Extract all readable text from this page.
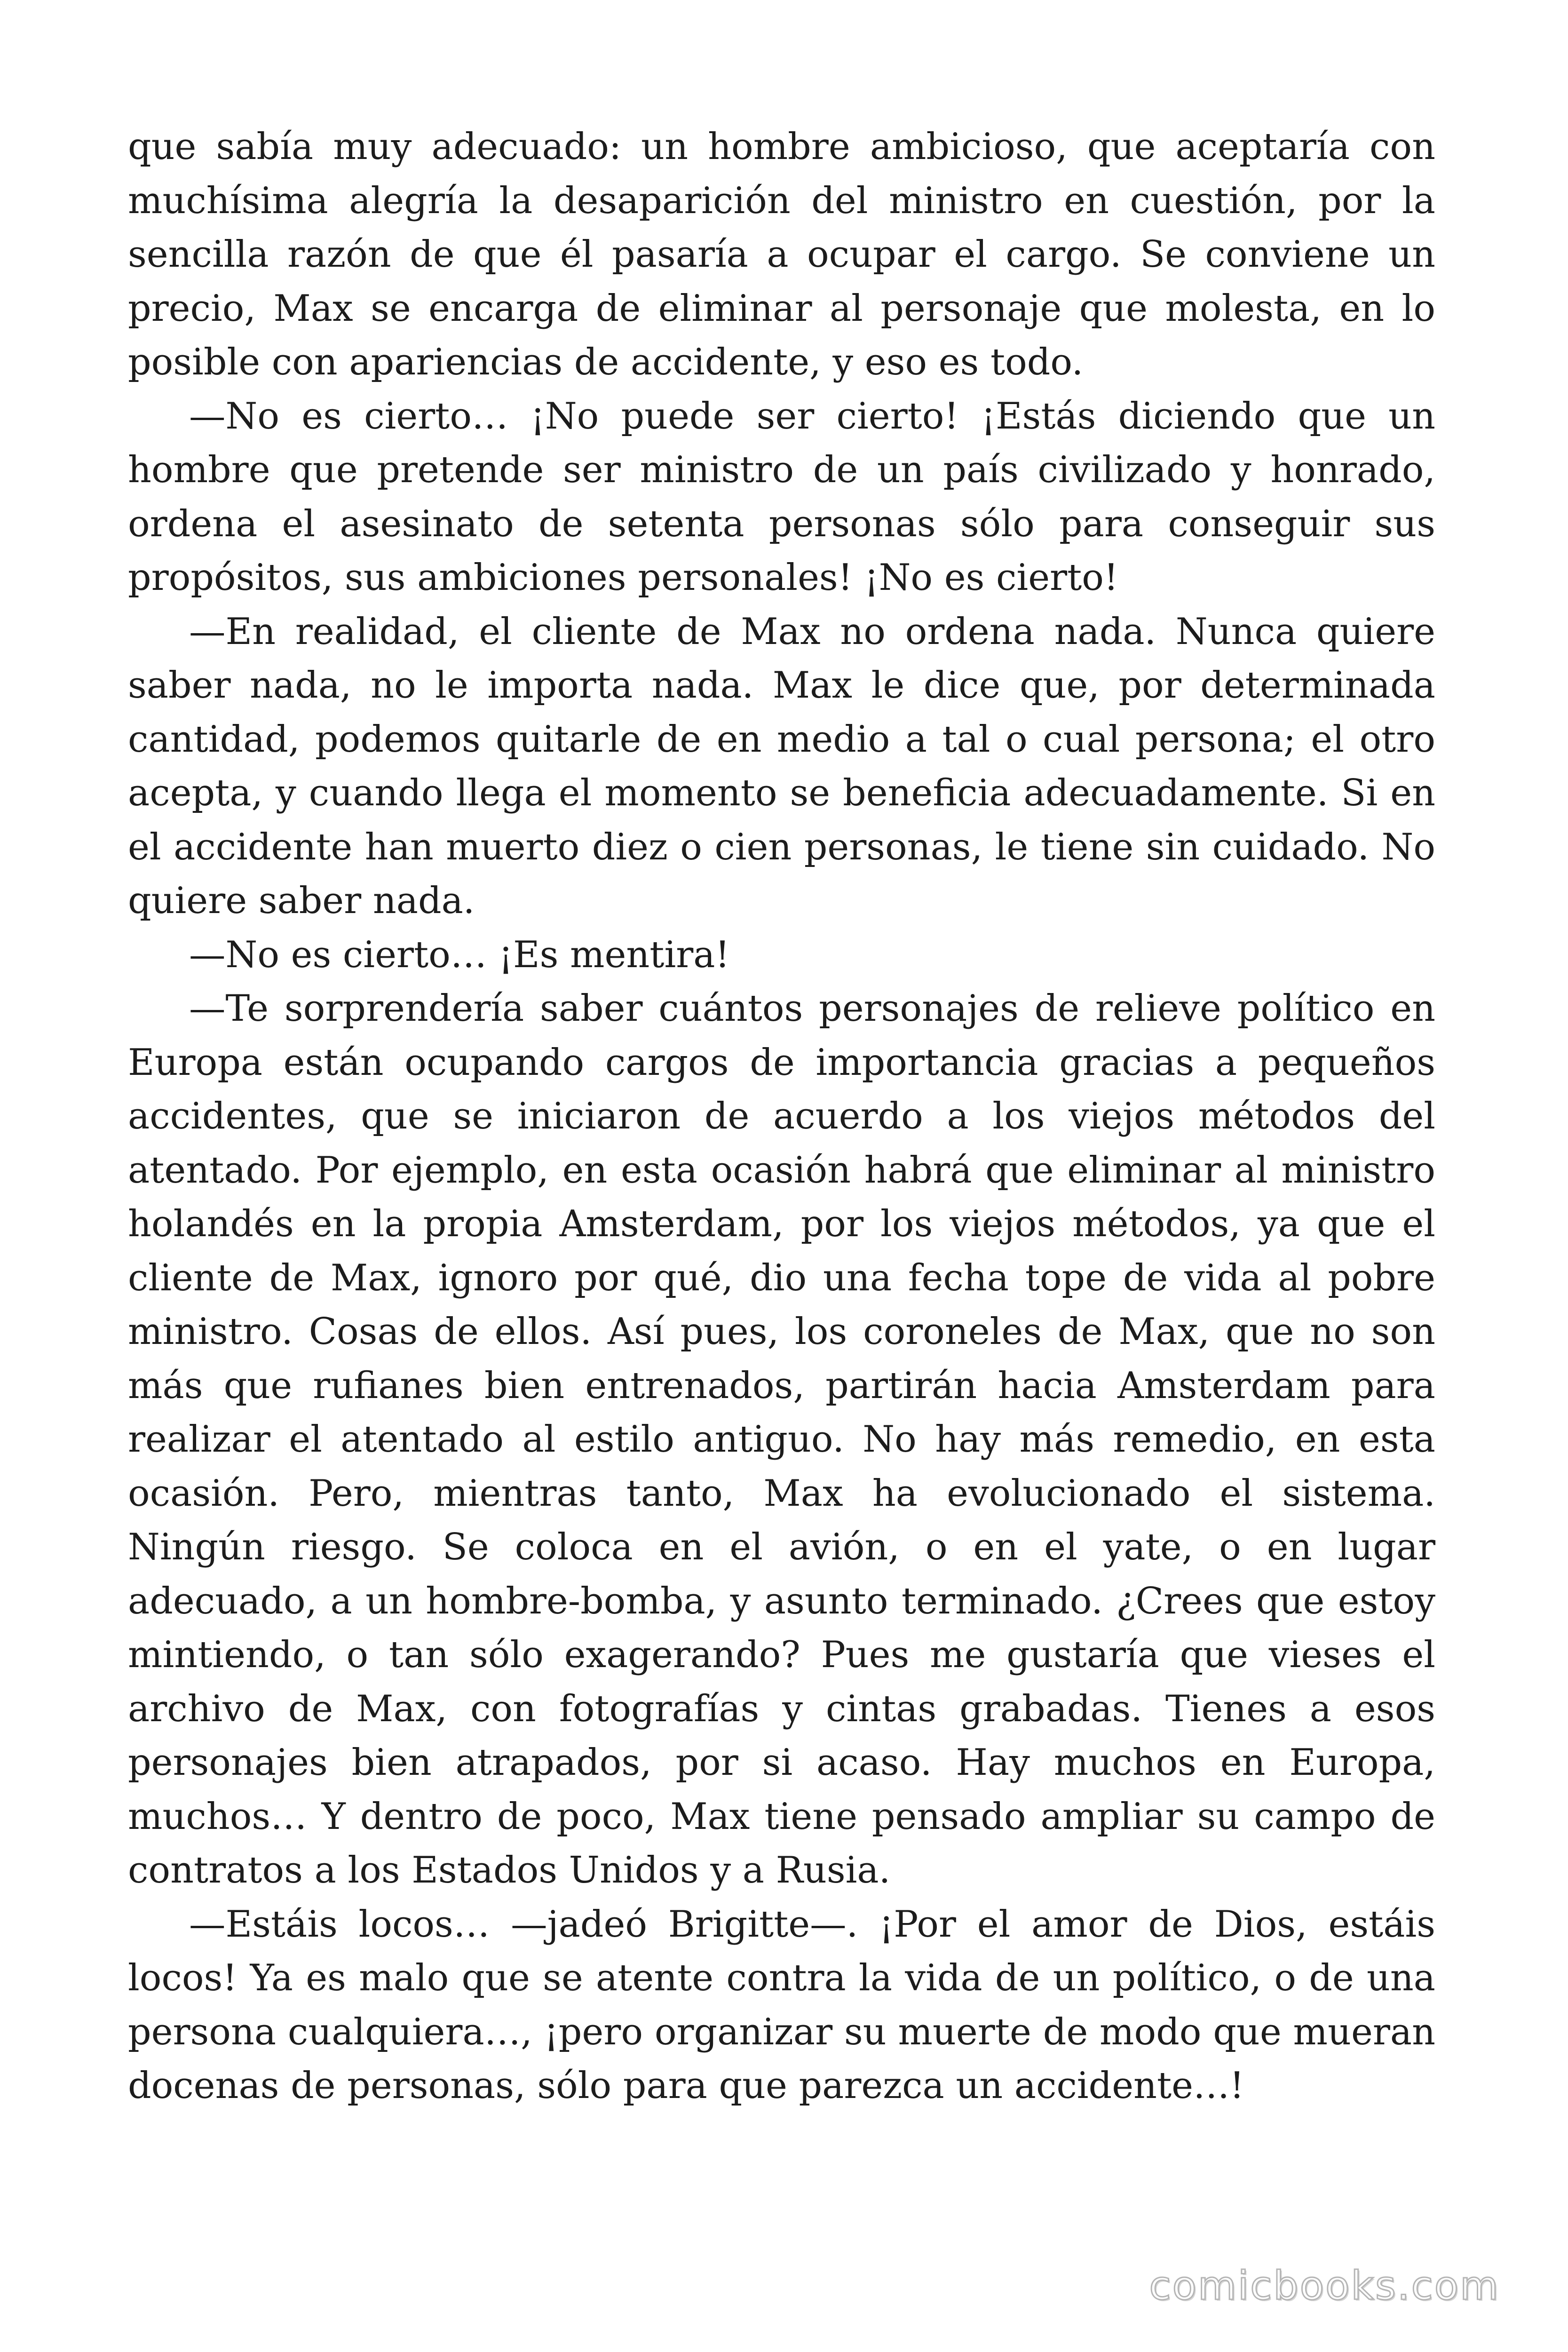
que sabía muy adecuado: un hombre ambicioso, que aceptaría con muchísima alegría la desaparición del ministro en cuestión, por la sencilla razón de que él pasaría a ocupar el cargo. Se conviene un precio, Max se encarga de eliminar al personaje que molesta, en lo posible con apariencias de accidente, y eso es todo.

—No es cierto… ¡No puede ser cierto! ¡Estás diciendo que un hombre que pretende ser ministro de un país civilizado y honrado, ordena el asesinato de setenta personas sólo para conseguir sus propósitos, sus ambiciones personales! ¡No es cierto!

—En realidad, el cliente de Max no ordena nada. Nunca quiere saber nada, no le importa nada. Max le dice que, por determinada cantidad, podemos quitarle de en medio a tal o cual persona; el otro acepta, y cuando llega el momento se beneficia adecuadamente. Si en el accidente han muerto diez o cien personas, le tiene sin cuidado. No quiere saber nada.

—No es cierto… ¡Es mentira!

—Te sorprendería saber cuántos personajes de relieve político en Europa están ocupando cargos de importancia gracias a pequeños accidentes, que se iniciaron de acuerdo a los viejos métodos del atentado. Por ejemplo, en esta ocasión habrá que eliminar al ministro holandés en la propia Amsterdam, por los viejos métodos, ya que el cliente de Max, ignoro por qué, dio una fecha tope de vida al pobre ministro. Cosas de ellos. Así pues, los coroneles de Max, que no son más que rufianes bien entrenados, partirán hacia Amsterdam para realizar el atentado al estilo antiguo. No hay más remedio, en esta ocasión. Pero, mientras tanto, Max ha evolucionado el sistema. Ningún riesgo. Se coloca en el avión, o en el yate, o en lugar adecuado, a un hombre-bomba, y asunto terminado. ¿Crees que estoy mintiendo, o tan sólo exagerando? Pues me gustaría que vieses el archivo de Max, con fotografías y cintas grabadas. Tienes a esos personajes bien atrapados, por si acaso. Hay muchos en Europa, muchos… Y dentro de poco, Max tiene pensado ampliar su campo de contratos a los Estados Unidos y a Rusia.

—Estáis locos… —jadeó Brigitte—. ¡Por el amor de Dios, estáis locos! Ya es malo que se atente contra la vida de un político, o de una persona cualquiera…, ¡pero organizar su muerte de modo que mueran docenas de personas, sólo para que parezca un accidente…!

comicbooks.com
